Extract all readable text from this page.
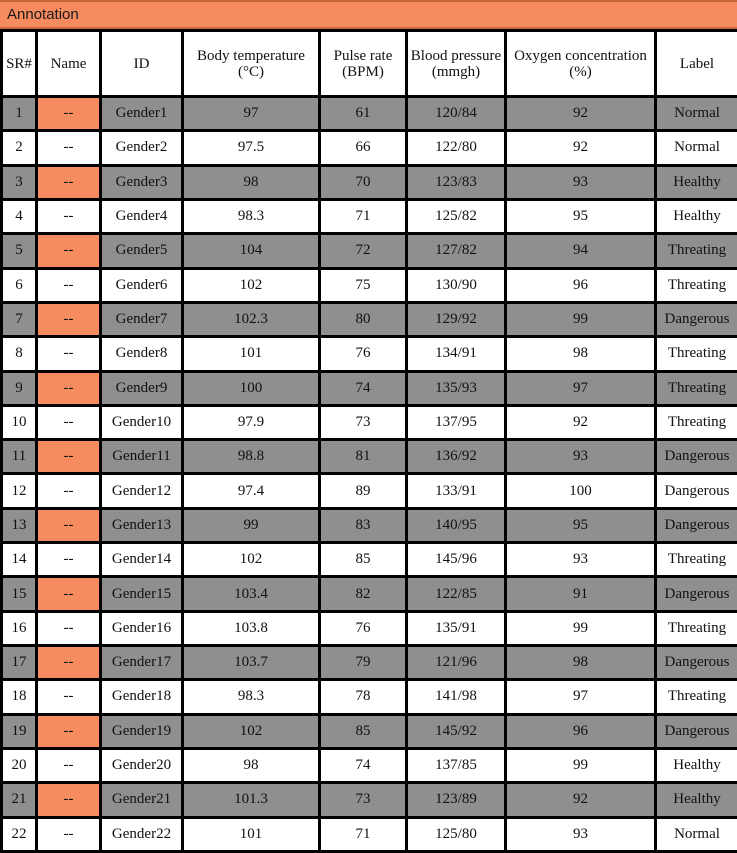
Annotation
SR#	Name	ID	Body temperature (°C)	Pulse rate (BPM)	Blood pressure (mmgh)	Oxygen concentration (%)	Label
1	--	Gender1	97	61	120/84	92	Normal
2	--	Gender2	97.5	66	122/80	92	Normal
3	--	Gender3	98	70	123/83	93	Healthy
4	--	Gender4	98.3	71	125/82	95	Healthy
5	--	Gender5	104	72	127/82	94	Threating
6	--	Gender6	102	75	130/90	96	Threating
7	--	Gender7	102.3	80	129/92	99	Dangerous
8	--	Gender8	101	76	134/91	98	Threating
9	--	Gender9	100	74	135/93	97	Threating
10	--	Gender10	97.9	73	137/95	92	Threating
11	--	Gender11	98.8	81	136/92	93	Dangerous
12	--	Gender12	97.4	89	133/91	100	Dangerous
13	--	Gender13	99	83	140/95	95	Dangerous
14	--	Gender14	102	85	145/96	93	Threating
15	--	Gender15	103.4	82	122/85	91	Dangerous
16	--	Gender16	103.8	76	135/91	99	Threating
17	--	Gender17	103.7	79	121/96	98	Dangerous
18	--	Gender18	98.3	78	141/98	97	Threating
19	--	Gender19	102	85	145/92	96	Dangerous
20	--	Gender20	98	74	137/85	99	Healthy
21	--	Gender21	101.3	73	123/89	92	Healthy
22	--	Gender22	101	71	125/80	93	Normal
